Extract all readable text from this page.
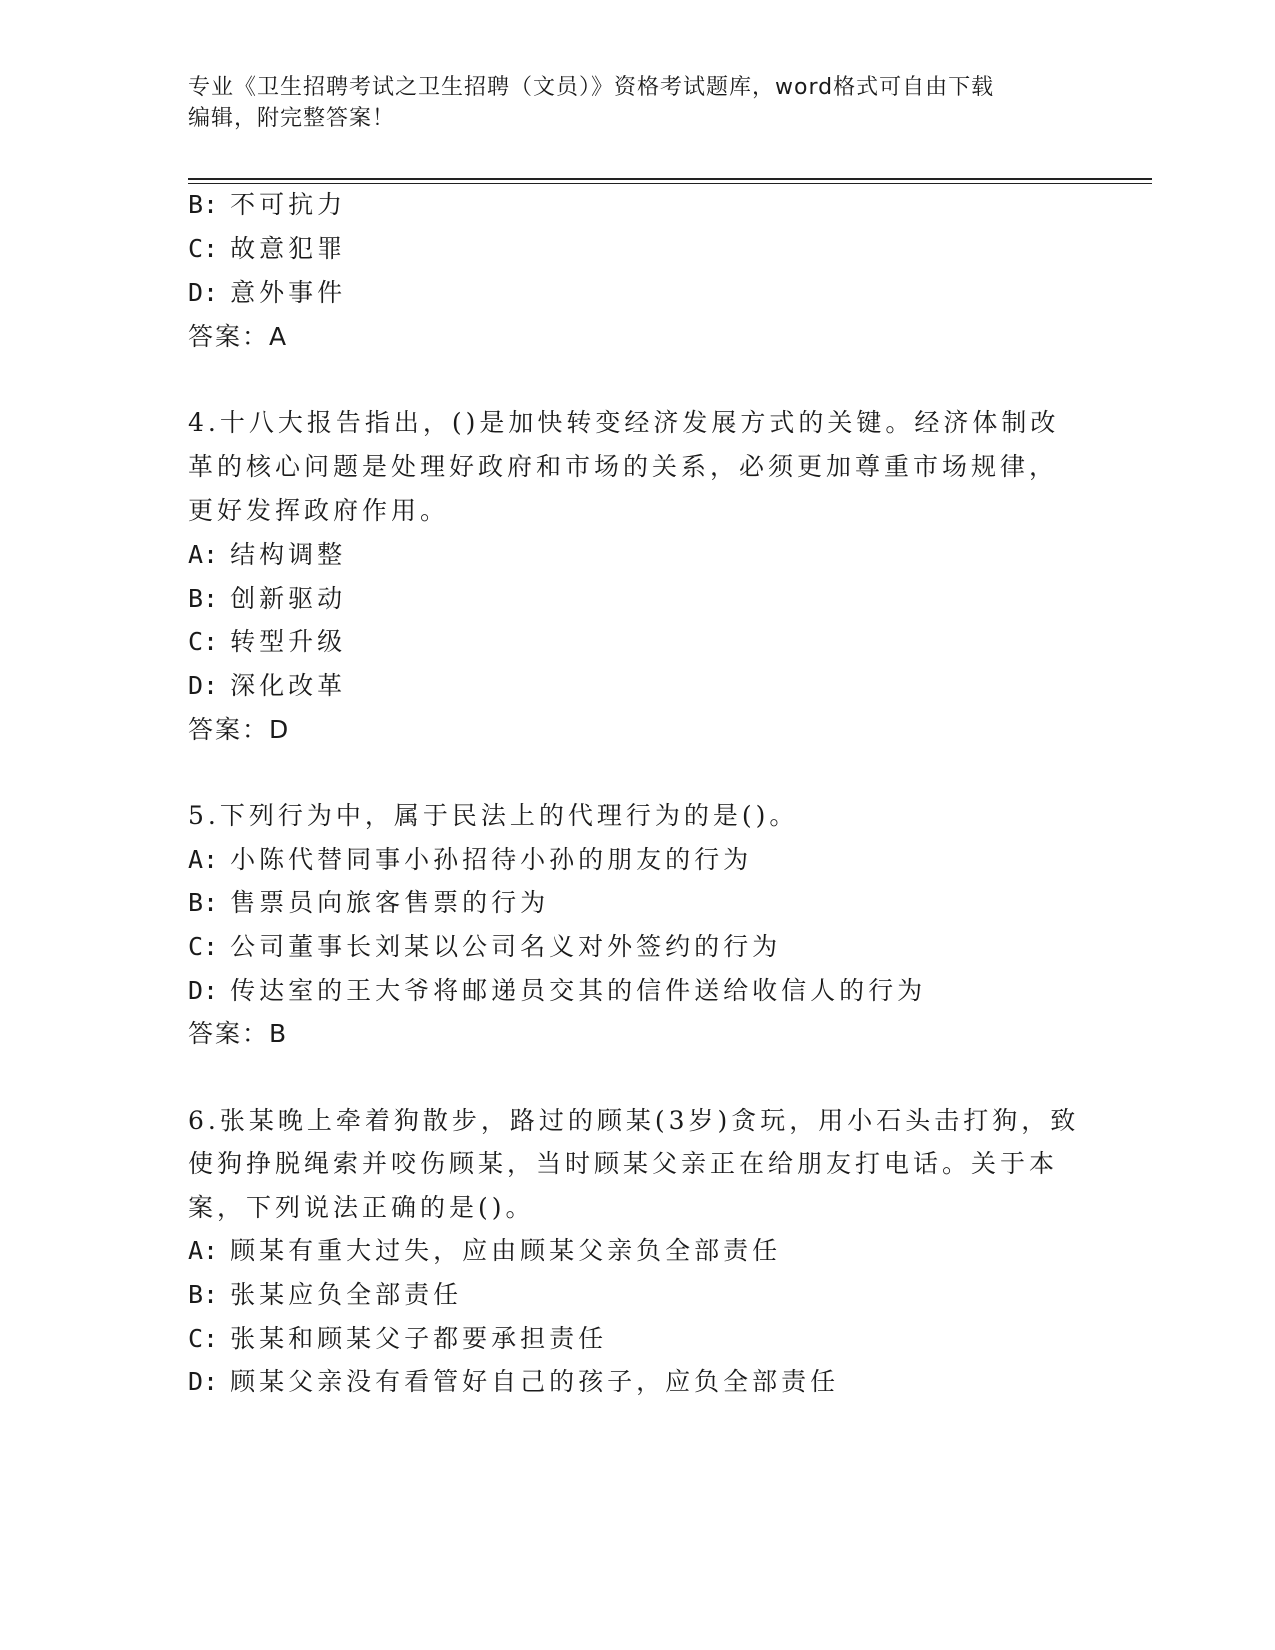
专业《卫生招聘考试之卫生招聘（文员）》资格考试题库，word格式可自由下载
编辑，附完整答案！
B: 不可抗力
C: 故意犯罪
D: 意外事件
答案：A
4.十八大报告指出，()是加快转变经济发展方式的关键。经济体制改
革的核心问题是处理好政府和市场的关系，必须更加尊重市场规律，
更好发挥政府作用。
A: 结构调整
B: 创新驱动
C: 转型升级
D: 深化改革
答案：D
5.下列行为中，属于民法上的代理行为的是()。
A: 小陈代替同事小孙招待小孙的朋友的行为
B: 售票员向旅客售票的行为
C: 公司董事长刘某以公司名义对外签约的行为
D: 传达室的王大爷将邮递员交其的信件送给收信人的行为
答案：B
6.张某晚上牵着狗散步，路过的顾某(3岁)贪玩，用小石头击打狗，致
使狗挣脱绳索并咬伤顾某，当时顾某父亲正在给朋友打电话。关于本
案，下列说法正确的是()。
A: 顾某有重大过失，应由顾某父亲负全部责任
B: 张某应负全部责任
C: 张某和顾某父子都要承担责任
D: 顾某父亲没有看管好自己的孩子，应负全部责任
